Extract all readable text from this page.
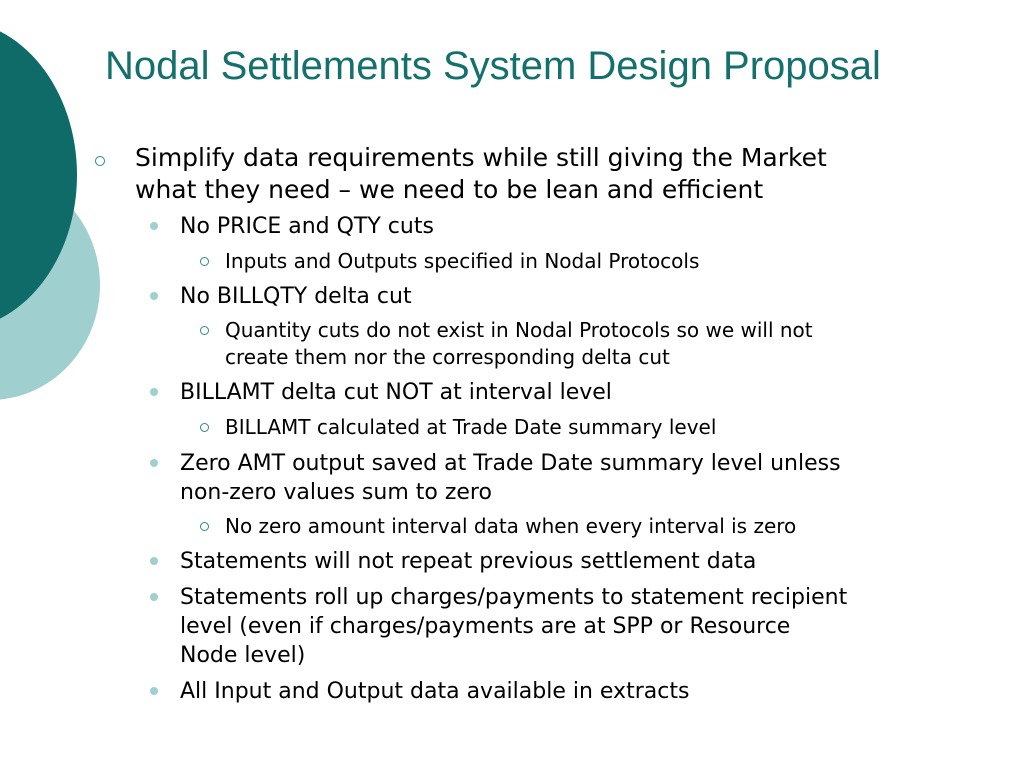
Nodal Settlements System Design Proposal
Simplify data requirements while still giving the Market
what they need – we need to be lean and efficient
No PRICE and QTY cuts
Inputs and Outputs specified in Nodal Protocols
No BILLQTY delta cut
Quantity cuts do not exist in Nodal Protocols so we will not
create them nor the corresponding delta cut
BILLAMT delta cut NOT at interval level
BILLAMT calculated at Trade Date summary level
Zero AMT output saved at Trade Date summary level unless
non-zero values sum to zero
No zero amount interval data when every interval is zero
Statements will not repeat previous settlement data
Statements roll up charges/payments to statement recipient
level (even if charges/payments are at SPP or Resource
Node level)
All Input and Output data available in extracts
